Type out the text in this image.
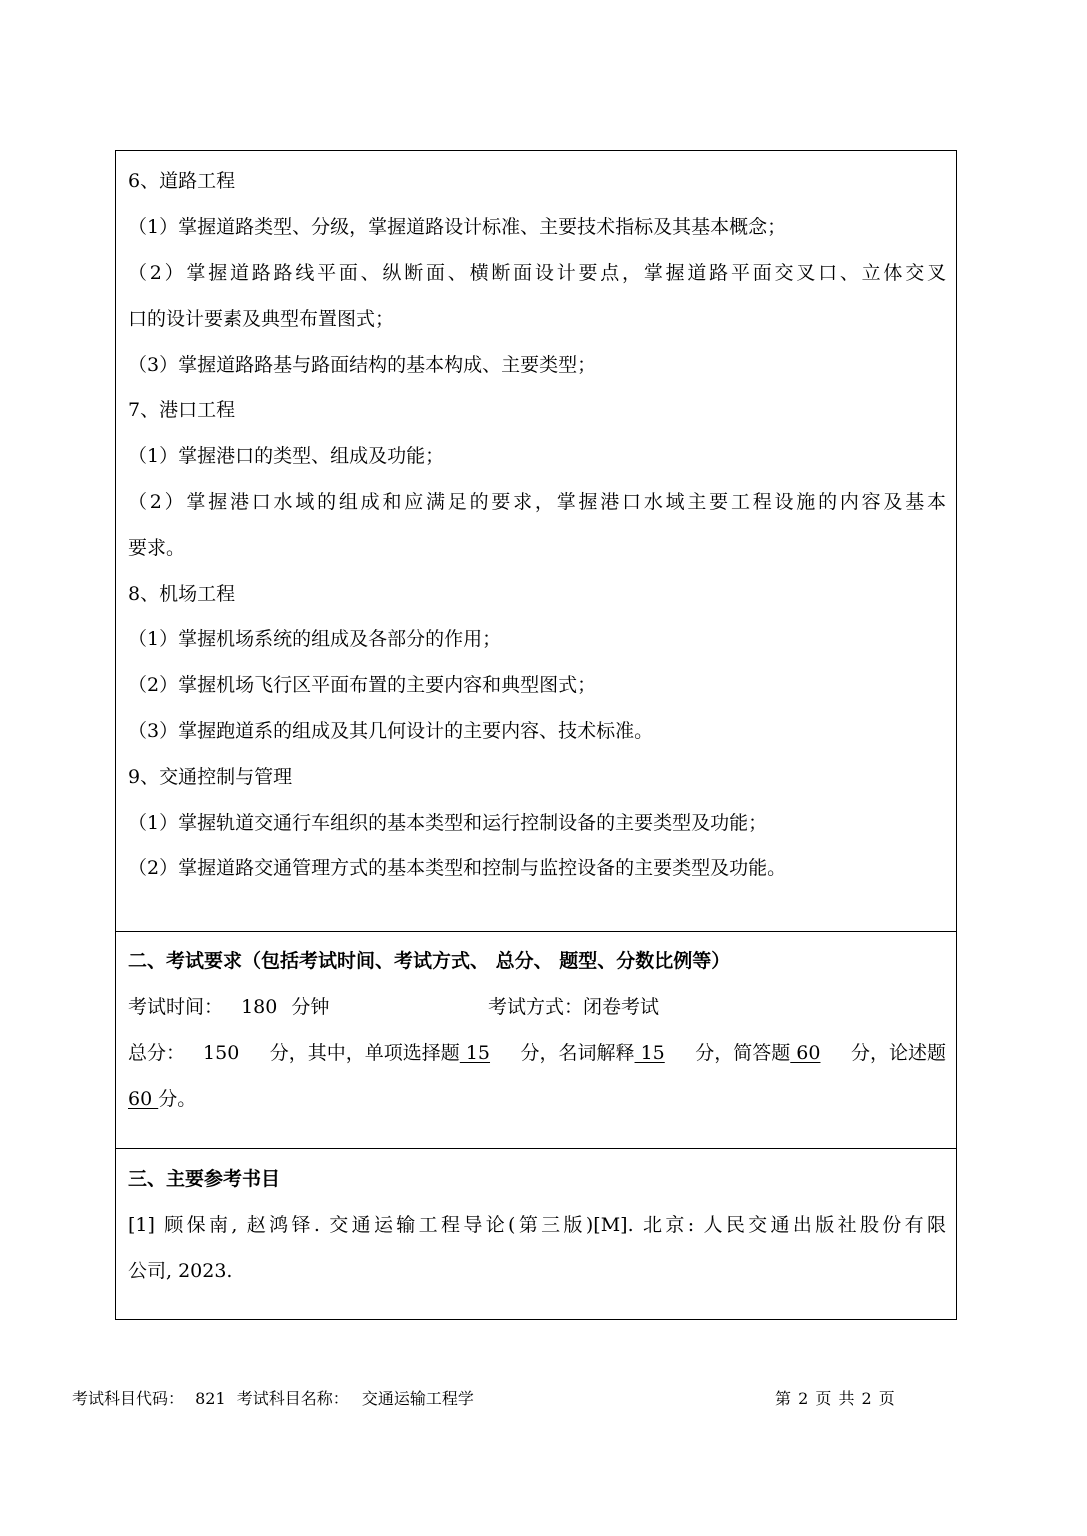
6、道路工程
（1）掌握道路类型、分级，掌握道路设计标准、主要技术指标及其基本概念；
（2）掌握道路路线平面、纵断面、横断面设计要点，掌握道路平面交叉口、立体交叉
口的设计要素及典型布置图式；
（3）掌握道路路基与路面结构的基本构成、主要类型；
7、港口工程
（1）掌握港口的类型、组成及功能；
（2）掌握港口水域的组成和应满足的要求，掌握港口水域主要工程设施的内容及基本
要求。
8、机场工程
（1）掌握机场系统的组成及各部分的作用；
（2）掌握机场飞行区平面布置的主要内容和典型图式；
（3）掌握跑道系的组成及其几何设计的主要内容、技术标准。
9、交通控制与管理
（1）掌握轨道交通行车组织的基本类型和运行控制设备的主要类型及功能；
（2）掌握道路交通管理方式的基本类型和控制与监控设备的主要类型及功能。
二、考试要求（包括考试时间、考试方式、 总分、 题型、分数比例等）
考试时间： 180 分钟	考试方式：闭卷考试
总分： 150 分，其中，单项选择题 15 分，名词解释 15 分，简答题 60 分，论述题
60 分。
三、主要参考书目
[1] 顾保南, 赵鸿铎. 交通运输工程导论(第三版)[M]. 北京: 人民交通出版社股份有限
公司, 2023.
考试科目代码： 821 考试科目名称： 交通运输工程学	第 2 页 共 2 页
